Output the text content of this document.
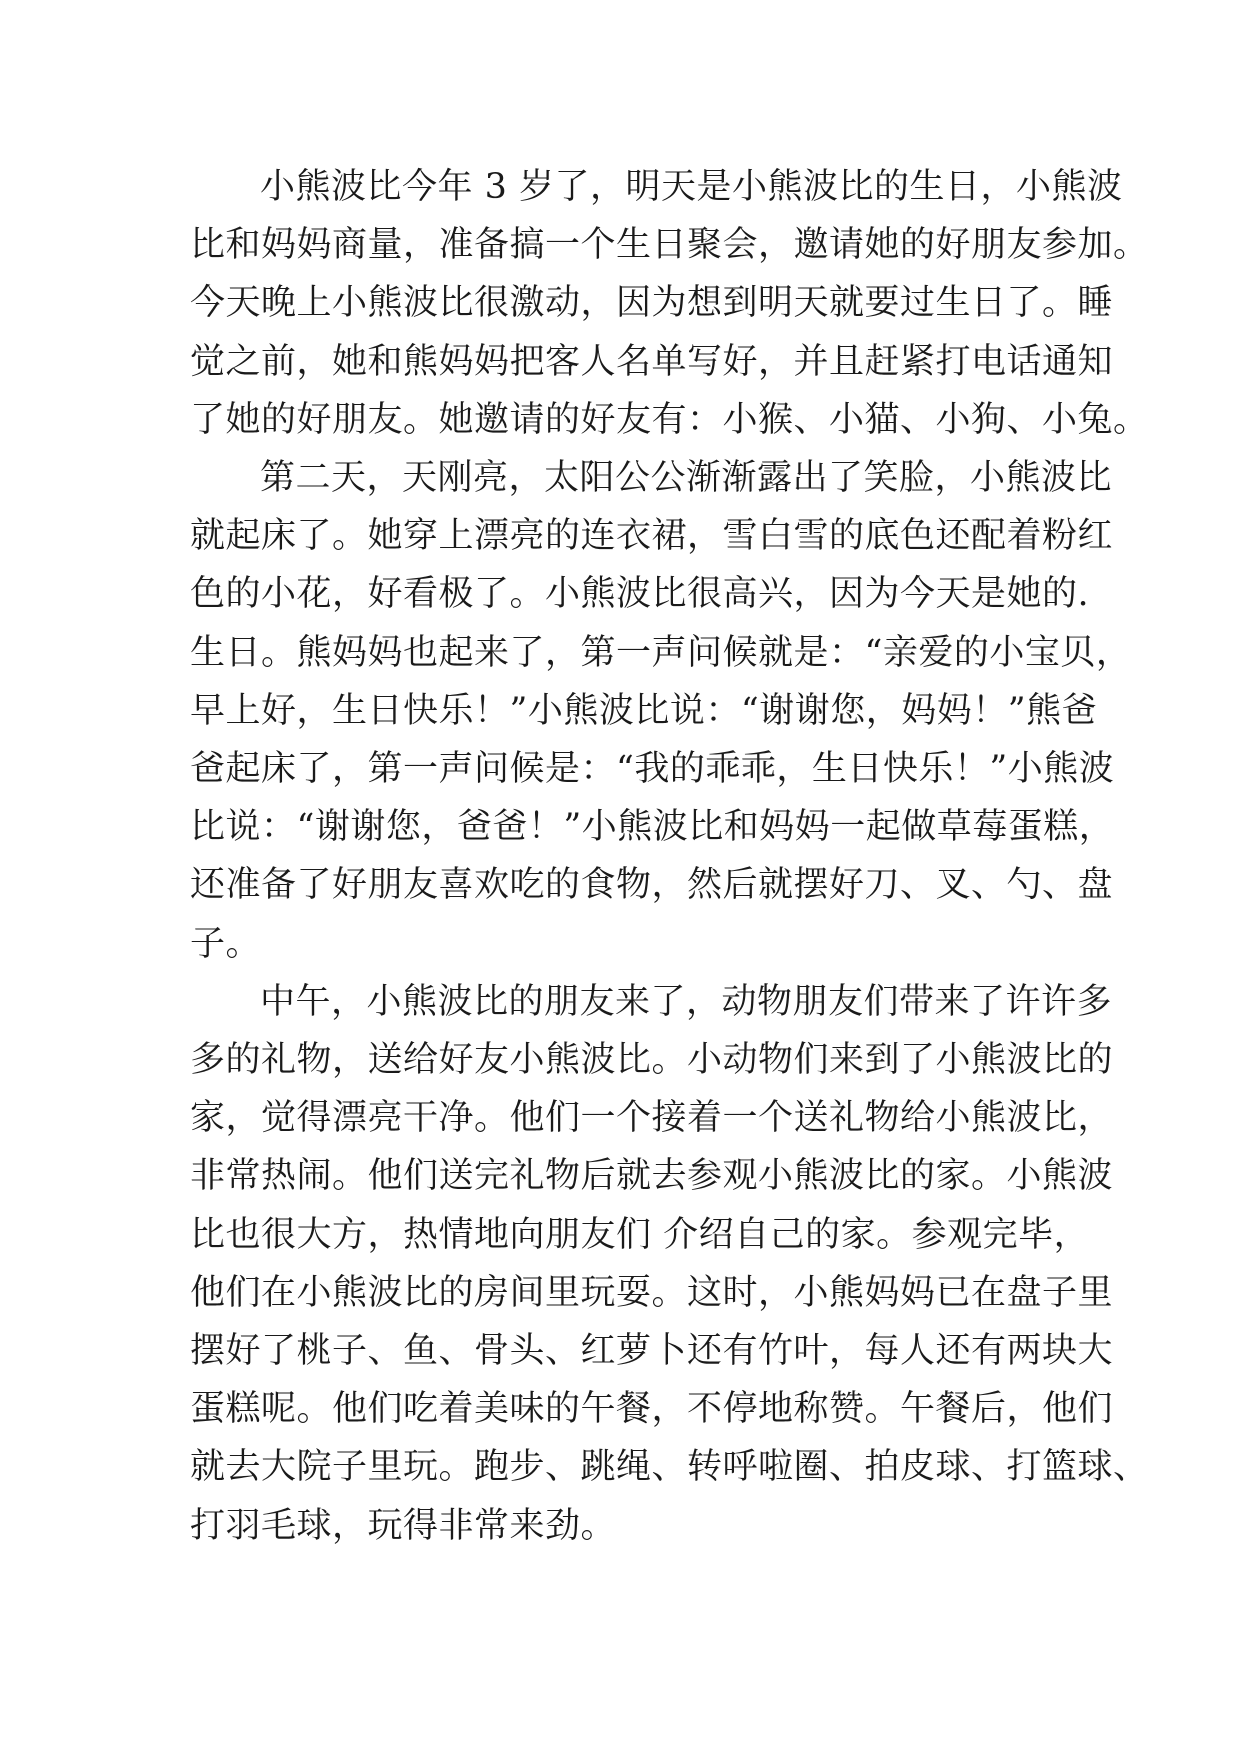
小熊波比今年 3 岁了，明天是小熊波比的生日，小熊波
比和妈妈商量，准备搞一个生日聚会，邀请她的好朋友参加。
今天晚上小熊波比很激动，因为想到明天就要过生日了。睡
觉之前，她和熊妈妈把客人名单写好，并且赶紧打电话通知
了她的好朋友。她邀请的好友有：小猴、小猫、小狗、小兔。

第二天，天刚亮，太阳公公渐渐露出了笑脸，小熊波比
就起床了。她穿上漂亮的连衣裙，雪白雪的底色还配着粉红
色的小花，好看极了。小熊波比很高兴，因为今天是她的.
生日。熊妈妈也起来了，第一声问候就是：“亲爱的小宝贝，
早上好，生日快乐！”小熊波比说：“谢谢您，妈妈！”熊爸
爸起床了，第一声问候是：“我的乖乖，生日快乐！”小熊波
比说：“谢谢您，爸爸！”小熊波比和妈妈一起做草莓蛋糕，
还准备了好朋友喜欢吃的食物，然后就摆好刀、叉、勺、盘
子。

中午，小熊波比的朋友来了，动物朋友们带来了许许多
多的礼物，送给好友小熊波比。小动物们来到了小熊波比的
家，觉得漂亮干净。他们一个接着一个送礼物给小熊波比，
非常热闹。他们送完礼物后就去参观小熊波比的家。小熊波
比也很大方，热情地向朋友们 介绍自己的家。参观完毕，
他们在小熊波比的房间里玩耍。这时，小熊妈妈已在盘子里
摆好了桃子、鱼、骨头、红萝卜还有竹叶，每人还有两块大
蛋糕呢。他们吃着美味的午餐，不停地称赞。午餐后，他们
就去大院子里玩。跑步、跳绳、转呼啦圈、拍皮球、打篮球、
打羽毛球，玩得非常来劲。
